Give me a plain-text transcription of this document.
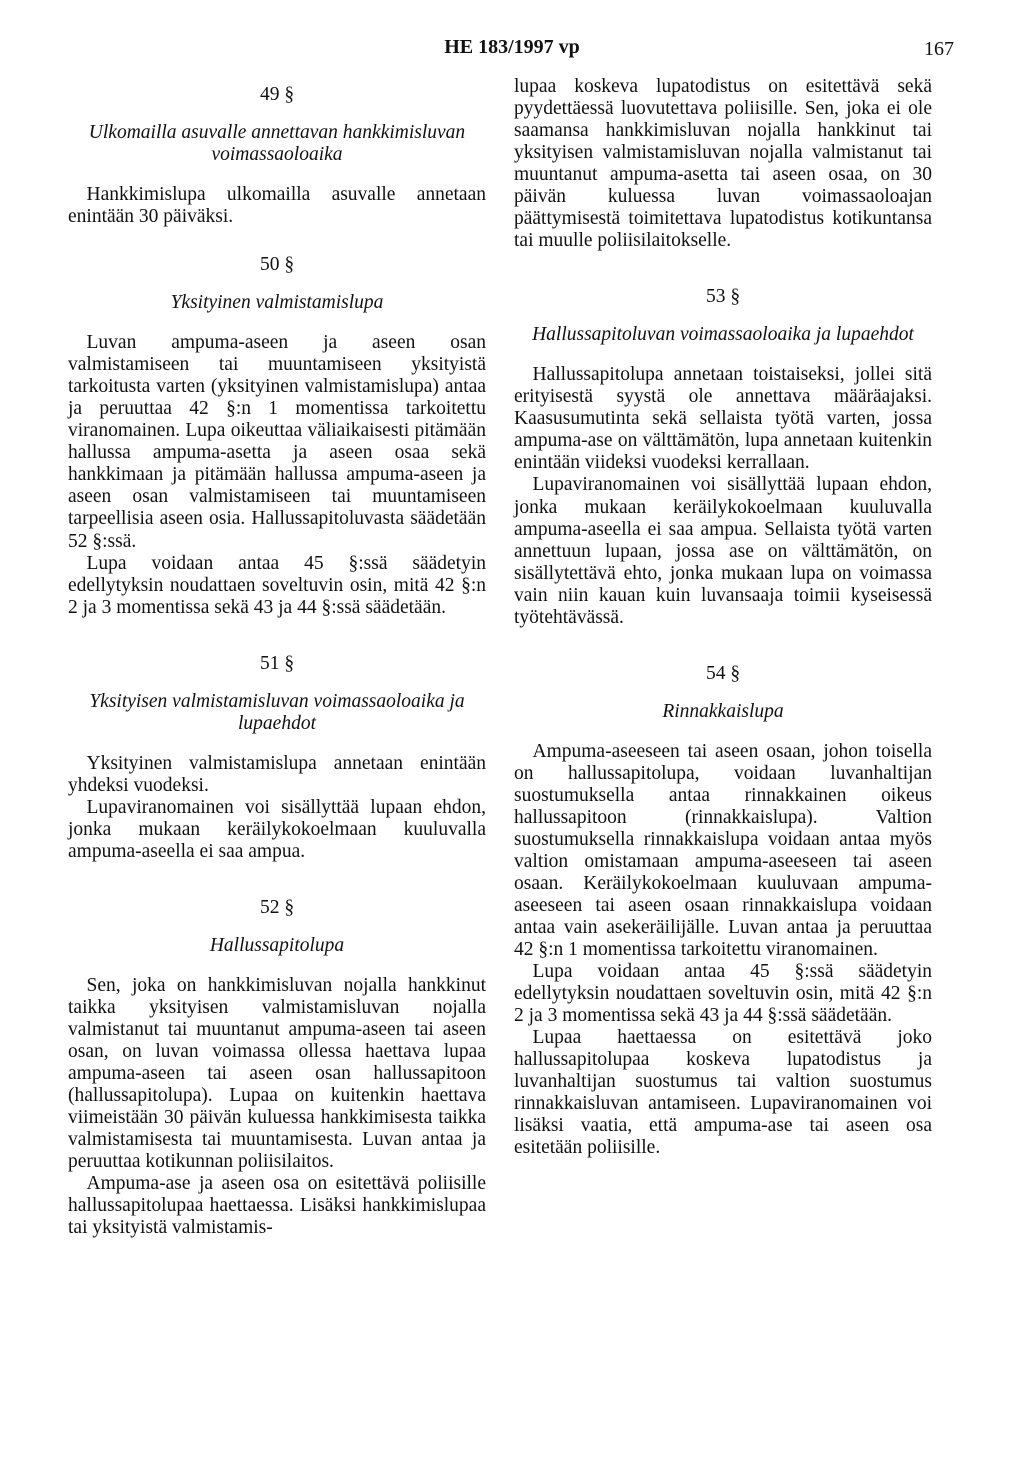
HE 183/1997 vp	167
49 §
Ulkomailla asuvalle annettavan hankkimisluvan voimassaoloaika

Hankkimislupa ulkomailla asuvalle annetaan enintään 30 päiväksi.

50 §
Yksityinen valmistamislupa

Luvan ampuma-aseen ja aseen osan valmistamiseen tai muuntamiseen yksityistä tarkoitusta varten (yksityinen valmistamislupa) antaa ja peruuttaa 42 §:n 1 momentissa tarkoitettu viranomainen. Lupa oikeuttaa väliaikaisesti pitämään hallussa ampuma-asetta ja aseen osaa sekä hankkimaan ja pitämään hallussa ampuma-aseen ja aseen osan valmistamiseen tai muuntamiseen tarpeellisia aseen osia. Hallussapitoluvasta säädetään 52 §:ssä.

Lupa voidaan antaa 45 §:ssä säädetyin edellytyksin noudattaen soveltuvin osin, mitä 42 §:n 2 ja 3 momentissa sekä 43 ja 44 §:ssä säädetään.

51 §
Yksityisen valmistamisluvan voimassaoloaika ja lupaehdot

Yksityinen valmistamislupa annetaan enintään yhdeksi vuodeksi.

Lupaviranomainen voi sisällyttää lupaan ehdon, jonka mukaan keräilykokoelmaan kuuluvalla ampuma-aseella ei saa ampua.

52 §
Hallussapitolupa

Sen, joka on hankkimisluvan nojalla hankkinut taikka yksityisen valmistamisluvan nojalla valmistanut tai muuntanut ampuma-aseen tai aseen osan, on luvan voimassa ollessa haettava lupaa ampuma-aseen tai aseen osan hallussapitoon (hallussapitolupa). Lupaa on kuitenkin haettava viimeistään 30 päivän kuluessa hankkimisesta taikka valmistamisesta tai muuntamisesta. Luvan antaa ja peruuttaa kotikunnan poliisilaitos.

Ampuma-ase ja aseen osa on esitettävä poliisille hallussapitolupaa haettaessa. Lisäksi hankkimislupaa tai yksityistä valmistamis-

lupaa koskeva lupatodistus on esitettävä sekä pyydettäessä luovutettava poliisille. Sen, joka ei ole saamansa hankkimisluvan nojalla hankkinut tai yksityisen valmistamisluvan nojalla valmistanut tai muuntanut ampuma-asetta tai aseen osaa, on 30 päivän kuluessa luvan voimassaoloajan päättymisestä toimitettava lupatodistus kotikuntansa tai muulle poliisilaitokselle.

53 §
Hallussapitoluvan voimassaoloaika ja lupaehdot

Hallussapitolupa annetaan toistaiseksi, jollei sitä erityisestä syystä ole annettava määräajaksi. Kaasusumutinta sekä sellaista työtä varten, jossa ampuma-ase on välttämätön, lupa annetaan kuitenkin enintään viideksi vuodeksi kerrallaan.

Lupaviranomainen voi sisällyttää lupaan ehdon, jonka mukaan keräilykokoelmaan kuuluvalla ampuma-aseella ei saa ampua. Sellaista työtä varten annettuun lupaan, jossa ase on välttämätön, on sisällytettävä ehto, jonka mukaan lupa on voimassa vain niin kauan kuin luvansaaja toimii kyseisessä työtehtävässä.

54 §
Rinnakkaislupa

Ampuma-aseeseen tai aseen osaan, johon toisella on hallussapitolupa, voidaan luvanhaltijan suostumuksella antaa rinnakkainen oikeus hallussapitoon (rinnakkaislupa). Valtion suostumuksella rinnakkaislupa voidaan antaa myös valtion omistamaan ampuma-aseeseen tai aseen osaan. Keräilykokoelmaan kuuluvaan ampuma-aseeseen tai aseen osaan rinnakkaislupa voidaan antaa vain asekeräilijälle. Luvan antaa ja peruuttaa 42 §:n 1 momentissa tarkoitettu viranomainen.

Lupa voidaan antaa 45 §:ssä säädetyin edellytyksin noudattaen soveltuvin osin, mitä 42 §:n 2 ja 3 momentissa sekä 43 ja 44 §:ssä säädetään.

Lupaa haettaessa on esitettävä joko hallussapitolupaa koskeva lupatodistus ja luvanhaltijan suostumus tai valtion suostumus rinnakkaisluvan antamiseen. Lupaviranomainen voi lisäksi vaatia, että ampuma-ase tai aseen osa esitetään poliisille.
